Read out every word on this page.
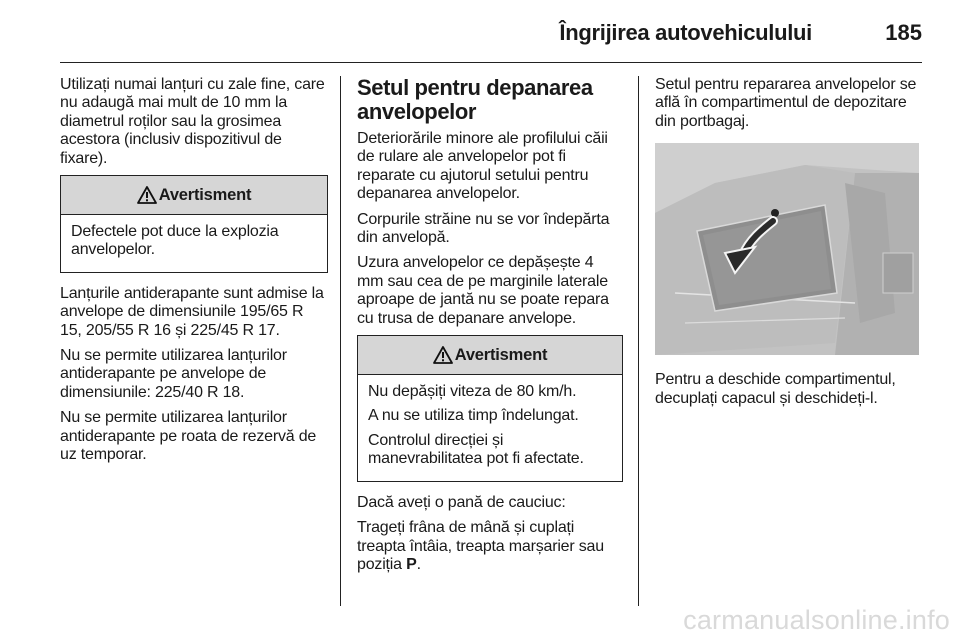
Îngrijirea autovehiculului	185

Utilizați numai lanțuri cu zale fine, care nu adaugă mai mult de 10 mm la diametrul roților sau la grosimea acestora (inclusiv dispozitivul de fixare).

Avertisment

Defectele pot duce la explozia anvelopelor.

Lanțurile antiderapante sunt admise la anvelope de dimensiunile 195/65 R 15, 205/55 R 16 și 225/45 R 17.

Nu se permite utilizarea lanțurilor antiderapante pe anvelope de dimensiunile: 225/40 R 18.

Nu se permite utilizarea lanțurilor antiderapante pe roata de rezervă de uz temporar.

Setul pentru depanarea anvelopelor

Deteriorările minore ale profilului căii de rulare ale anvelopelor pot fi reparate cu ajutorul setului pentru depanarea anvelopelor.

Corpurile străine nu se vor îndepărta din anvelopă.

Uzura anvelopelor ce depășește 4 mm sau cea de pe marginile laterale aproape de jantă nu se poate repara cu trusa de depanare anvelope.

Avertisment

Nu depășiți viteza de 80 km/h.

A nu se utiliza timp îndelungat.

Controlul direcției și manevrabilitatea pot fi afectate.

Dacă aveți o pană de cauciuc:

Trageți frâna de mână și cuplați treapta întâia, treapta marșarier sau poziția P.

Setul pentru repararea anvelopelor se află în compartimentul de depozitare din portbagaj.

Pentru a deschide compartimentul, decuplați capacul și deschideți-l.

carmanualsonline.info
